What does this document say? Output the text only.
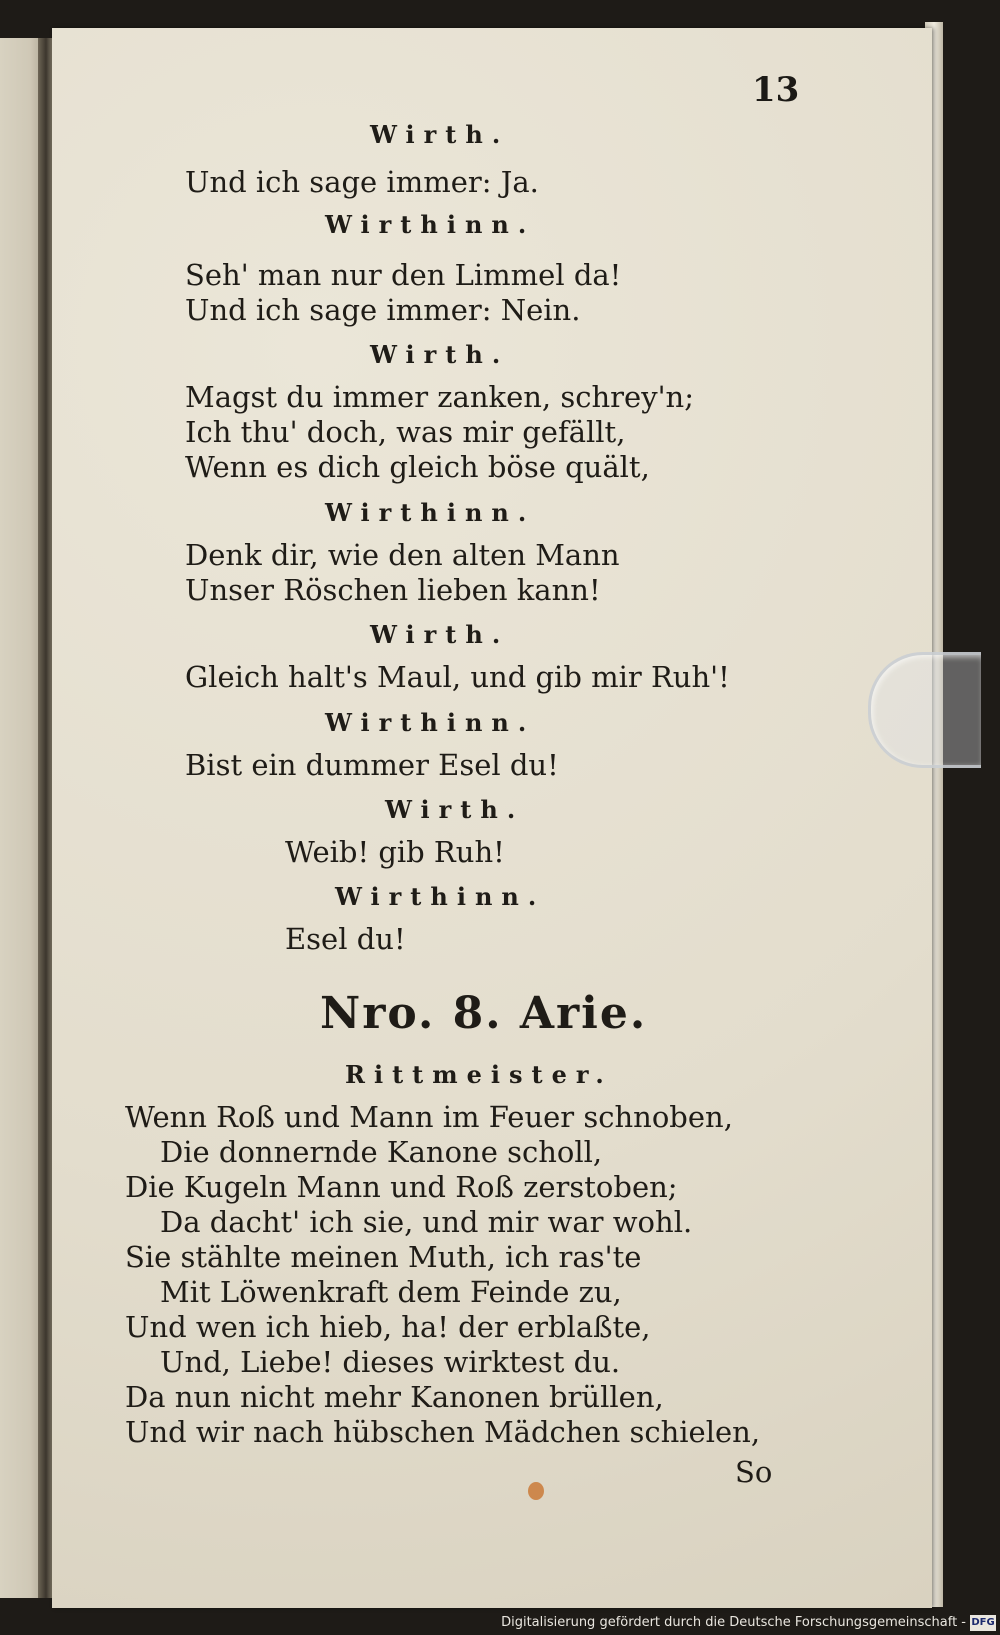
13
Wirth.
Und ich sage immer: Ja.
Wirthinn.
Seh' man nur den Limmel da!
Und ich sage immer: Nein.
Wirth.
Magst du immer zanken, schrey'n;
Ich thu' doch, was mir gefällt,
Wenn es dich gleich böse quält,
Wirthinn.
Denk dir, wie den alten Mann
Unser Röschen lieben kann!
Wirth.
Gleich halt's Maul, und gib mir Ruh'!
Wirthinn.
Bist ein dummer Esel du!
Wirth.
Weib! gib Ruh!
Wirthinn.
Esel du!
Nro. 8. Arie.
Rittmeister.
Wenn Roß und Mann im Feuer schnoben,
Die donnernde Kanone scholl,
Die Kugeln Mann und Roß zerstoben;
Da dacht' ich sie, und mir war wohl.
Sie stählte meinen Muth, ich ras'te
Mit Löwenkraft dem Feinde zu,
Und wen ich hieb, ha! der erblaßte,
Und, Liebe! dieses wirktest du.
Da nun nicht mehr Kanonen brüllen,
Und wir nach hübschen Mädchen schielen,
So
Digitalisierung gefördert durch die Deutsche Forschungsgemeinschaft - DFG
